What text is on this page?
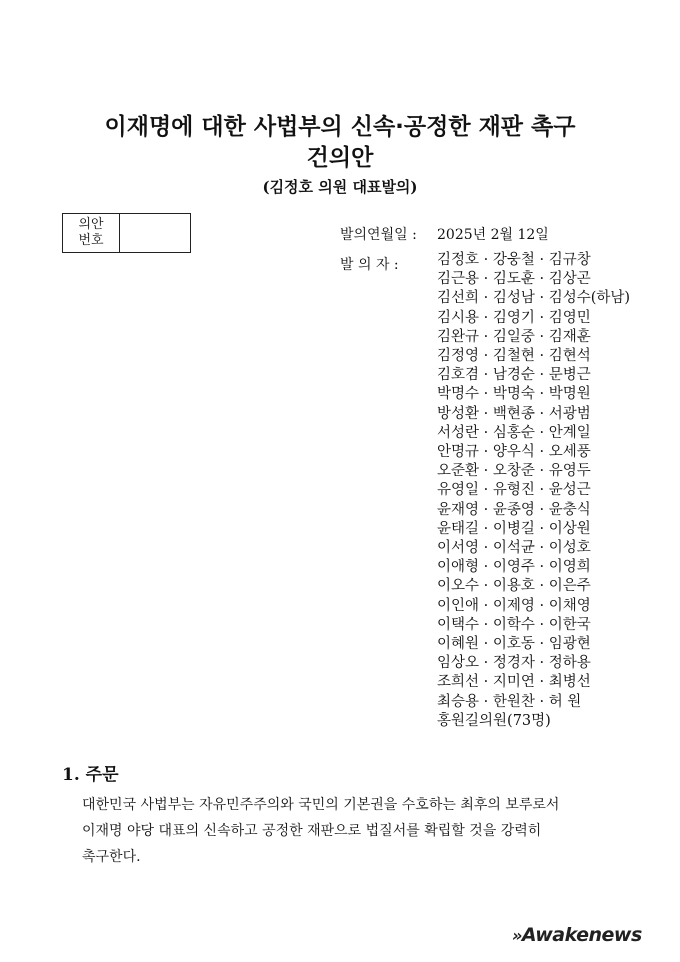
이재명에 대한 사법부의 신속·공정한 재판 촉구
건의안
(김정호 의원 대표발의)
의안
번호	발의연월일 : 2025년 2월 12일
발 의 자 :	김정호 · 강웅철 · 김규창
김근용 · 김도훈 · 김상곤
김선희 · 김성남 · 김성수(하남)
김시용 · 김영기 · 김영민
김완규 · 김일중 · 김재훈
김정영 · 김철현 · 김현석
김호겸 · 남경순 · 문병근
박명수 · 박명숙 · 박명원
방성환 · 백현종 · 서광범
서성란 · 심홍순 · 안계일
안명규 · 양우식 · 오세풍
오준환 · 오창준 · 유영두
유영일 · 유형진 · 윤성근
윤재영 · 윤종영 · 윤충식
윤태길 · 이병길 · 이상원
이서영 · 이석균 · 이성호
이애형 · 이영주 · 이영희
이오수 · 이용호 · 이은주
이인애 · 이제영 · 이채영
이택수 · 이학수 · 이한국
이혜원 · 이호동 · 임광현
임상오 · 정경자 · 정하용
조희선 · 지미연 · 최병선
최승용 · 한원찬 · 허 원
홍원길의원(73명)
1. 주문
대한민국 사법부는 자유민주주의와 국민의 기본권을 수호하는 최후의 보루로서
이재명 야당 대표의 신속하고 공정한 재판으로 법질서를 확립할 것을 강력히
촉구한다.
»Awakenews
